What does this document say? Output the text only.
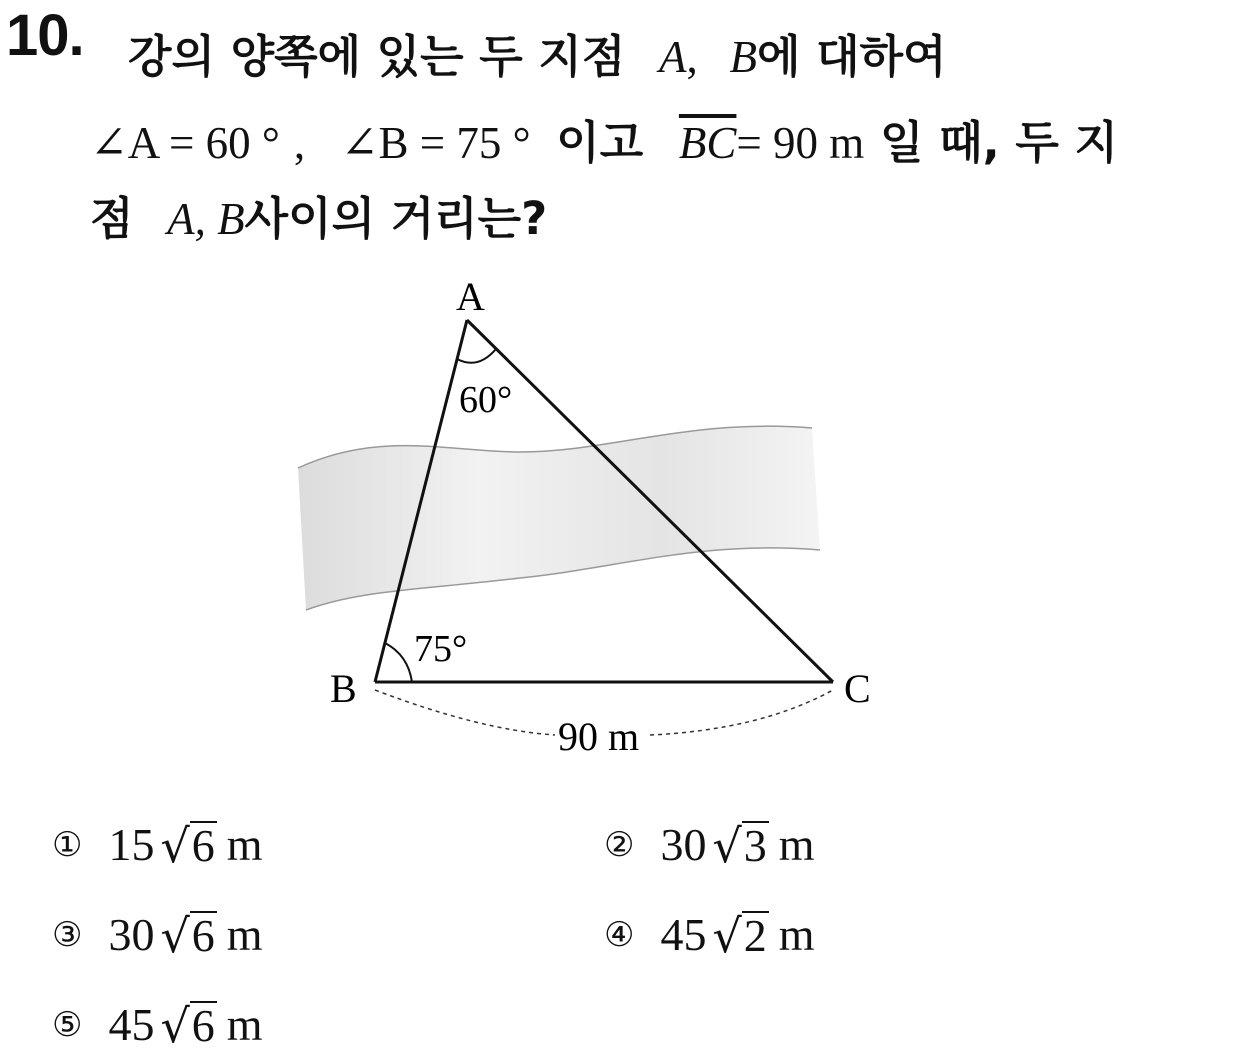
10. 강의 양쪽에 있는 두 지점 A, B에 대하여
∠A = 60 ° , ∠B = 75 ° 이고 $\overline{BC}= 90$ m 일 때, 두 지
점 A, B사이의 거리는?
A
B	C
60°
75°
90 m
① 15 √ 6 m	② 30 √ 3 m
③ 30 √ 6 m	④ 45 √ 2 m
⑤ 45 √ 6 m
